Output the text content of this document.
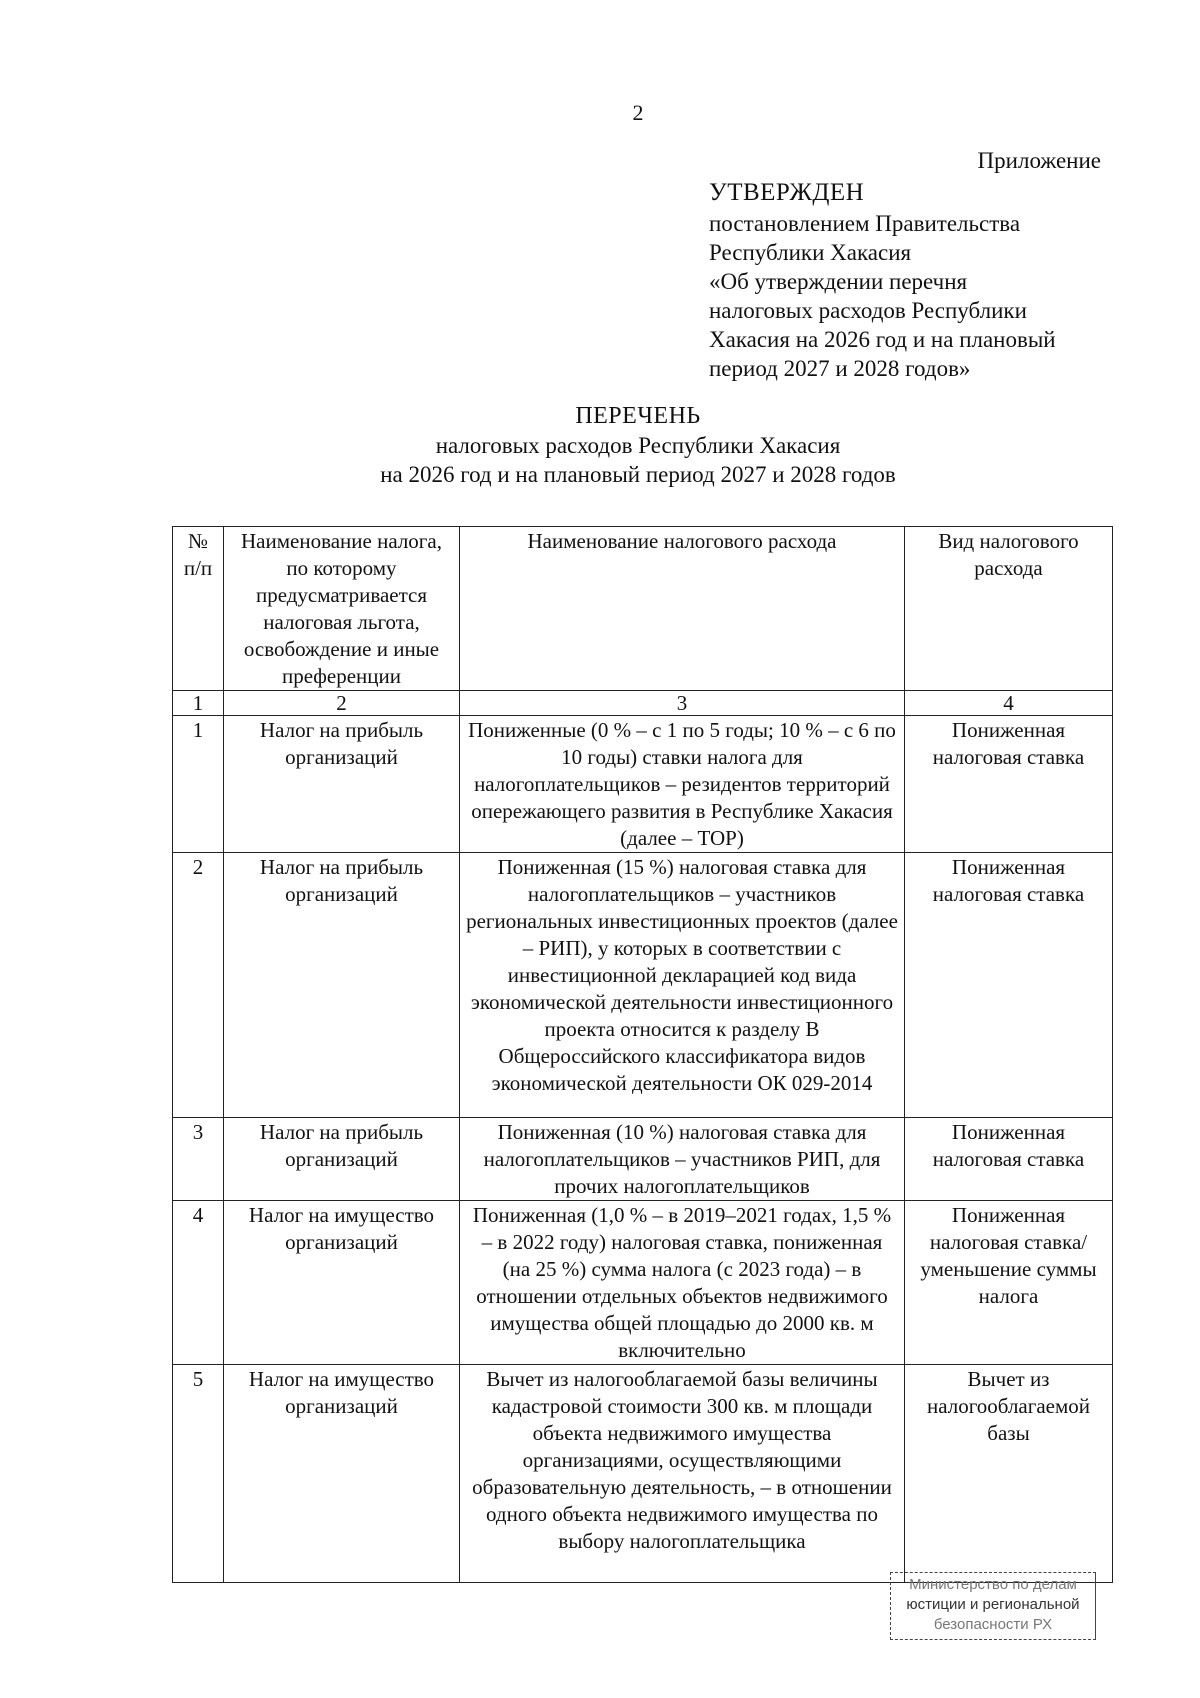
2
Приложение
УТВЕРЖДЕН
постановлением Правительства
Республики Хакасия
«Об утверждении перечня
налоговых расходов Республики
Хакасия на 2026 год и на плановый
период 2027 и 2028 годов»
ПЕРЕЧЕНЬ
налоговых расходов Республики Хакасия
на 2026 год и на плановый период 2027 и 2028 годов
№ п/п	Наименование налога, по которому предусматривается налоговая льгота, освобождение и иные преференции	Наименование налогового расхода	Вид налогового расхода
1	2	3	4
1	Налог на прибыль организаций	Пониженные (0 % – с 1 по 5 годы; 10 % – с 6 по 10 годы) ставки налога для налогоплательщиков – резидентов территорий опережающего развития в Республике Хакасия (далее – ТОР)	Пониженная налоговая ставка
2	Налог на прибыль организаций	Пониженная (15 %) налоговая ставка для налогоплательщиков – участников региональных инвестиционных проектов (далее – РИП), у которых в соответствии с инвестиционной декларацией код вида экономической деятельности инвестиционного проекта относится к разделу В Общероссийского классификатора видов экономической деятельности ОК 029-2014	Пониженная налоговая ставка
3	Налог на прибыль организаций	Пониженная (10 %) налоговая ставка для налогоплательщиков – участников РИП, для прочих налогоплательщиков	Пониженная налоговая ставка
4	Налог на имущество организаций	Пониженная (1,0 % – в 2019–2021 годах, 1,5 % – в 2022 году) налоговая ставка, пониженная (на 25 %) сумма налога (с 2023 года) – в отношении отдельных объектов недвижимого имущества общей площадью до 2000 кв. м включительно	Пониженная налоговая ставка/уменьшение суммы налога
5	Налог на имущество организаций	Вычет из налогооблагаемой базы величины кадастровой стоимости 300 кв. м площади объекта недвижимого имущества организациями, осуществляющими образовательную деятельность, – в отношении одного объекта недвижимого имущества по выбору налогоплательщика	Вычет из налогооблагаемой базы
Министерство по делам
юстиции и региональной
безопасности РХ
